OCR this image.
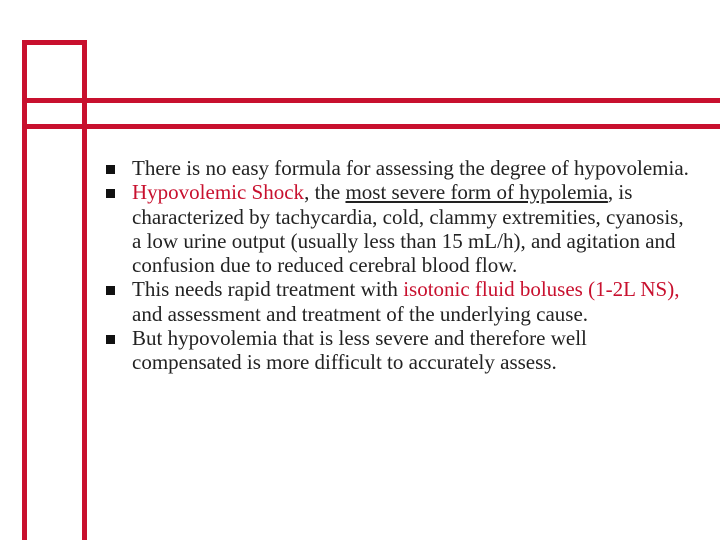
There is no easy formula for assessing the degree of hypovolemia.
Hypovolemic Shock, the most severe form of hypolemia, is characterized by tachycardia, cold, clammy extremities, cyanosis, a low urine output (usually less than 15 mL/h), and agitation and confusion due to reduced cerebral blood flow.
This needs rapid treatment with isotonic fluid boluses (1-2L NS), and assessment and treatment of the underlying cause.
But hypovolemia that is less severe and therefore well compensated is more difficult to accurately assess.
